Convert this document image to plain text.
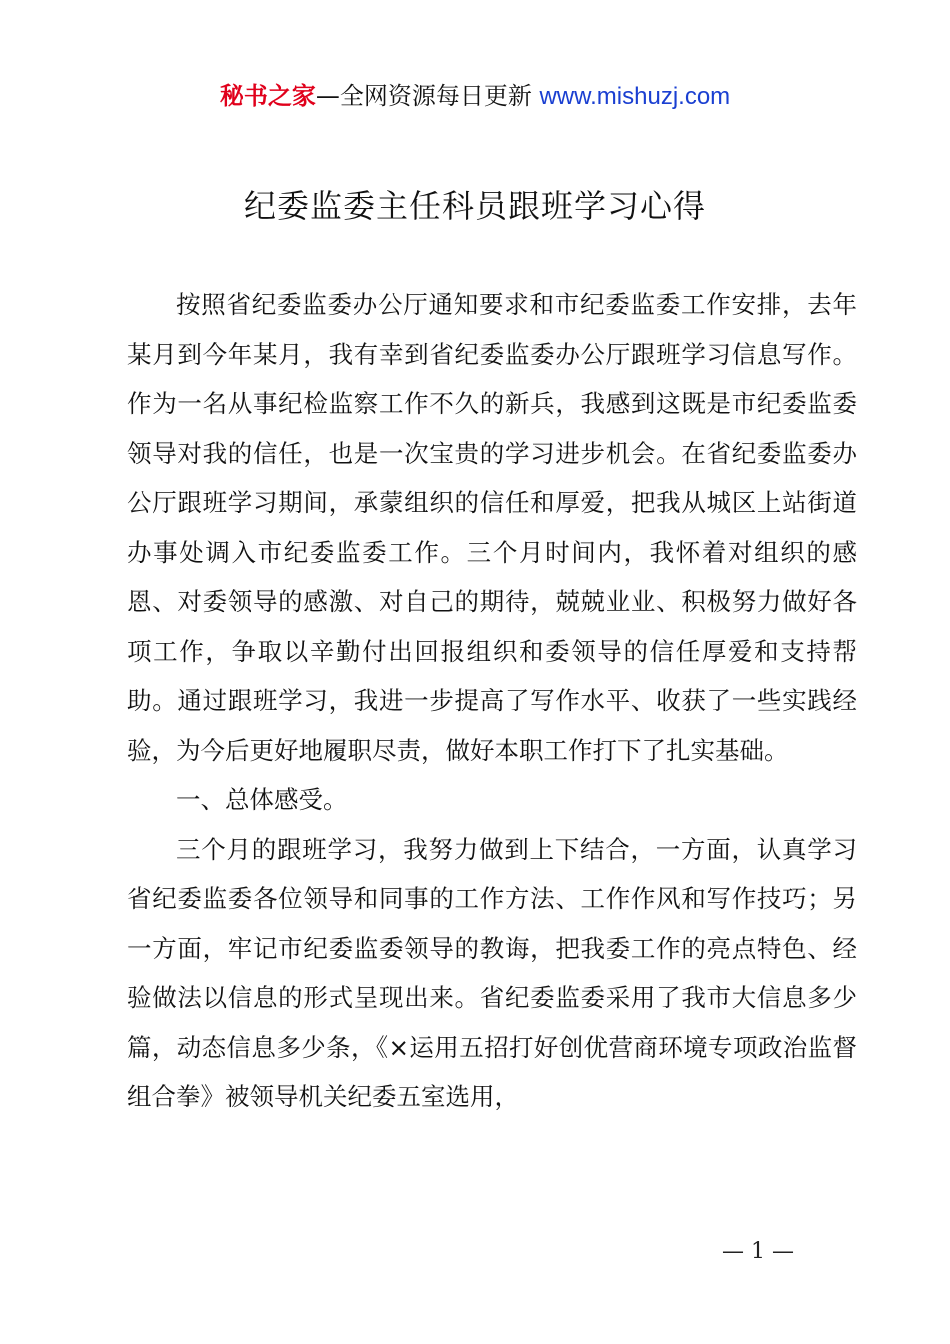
秘书之家—全网资源每日更新 www.mishuzj.com
纪委监委主任科员跟班学习心得

按照省纪委监委办公厅通知要求和市纪委监委工作安排，去年某月到今年某月，我有幸到省纪委监委办公厅跟班学习信息写作。作为一名从事纪检监察工作不久的新兵，我感到这既是市纪委监委领导对我的信任，也是一次宝贵的学习进步机会。在省纪委监委办公厅跟班学习期间，承蒙组织的信任和厚爱，把我从城区上站街道办事处调入市纪委监委工作。三个月时间内，我怀着对组织的感恩、对委领导的感激、对自己的期待，兢兢业业、积极努力做好各项工作，争取以辛勤付出回报组织和委领导的信任厚爱和支持帮助。通过跟班学习，我进一步提高了写作水平、收获了一些实践经验，为今后更好地履职尽责，做好本职工作打下了扎实基础。

一、总体感受。

三个月的跟班学习，我努力做到上下结合，一方面，认真学习省纪委监委各位领导和同事的工作方法、工作作风和写作技巧；另一方面，牢记市纪委监委领导的教诲，把我委工作的亮点特色、经验做法以信息的形式呈现出来。省纪委监委采用了我市大信息多少篇，动态信息多少条，《×运用五招打好创优营商环境专项政治监督组合拳》被领导机关纪委五室选用，

— 1 —
